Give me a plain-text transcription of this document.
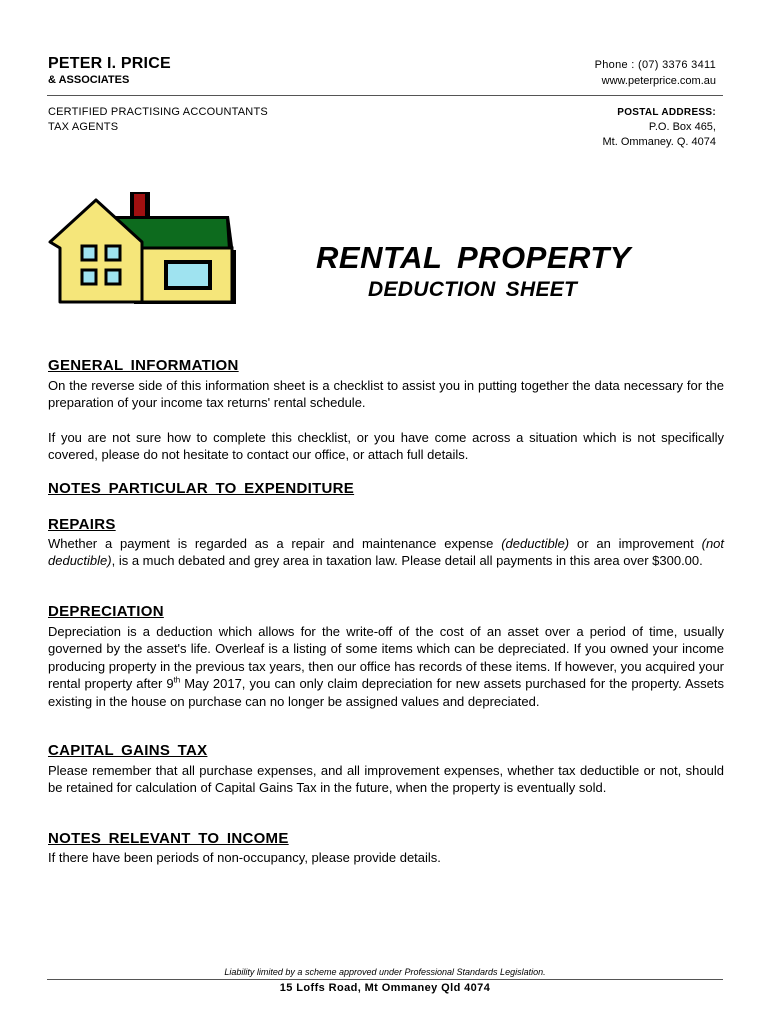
PETER I. PRICE
& ASSOCIATES
Phone : (07) 3376 3411
www.peterprice.com.au
CERTIFIED PRACTISING ACCOUNTANTS
TAX AGENTS
POSTAL ADDRESS:
P.O. Box 465,
Mt. Ommaney. Q. 4074
RENTAL PROPERTY
DEDUCTION SHEET
GENERAL INFORMATION
On the reverse side of this information sheet is a checklist to assist you in putting together the data necessary for the preparation of your income tax returns' rental schedule.
If you are not sure how to complete this checklist, or you have come across a situation which is not specifically covered, please do not hesitate to contact our office, or attach full details.
NOTES PARTICULAR TO EXPENDITURE
REPAIRS
Whether a payment is regarded as a repair and maintenance expense (deductible) or an improvement (not deductible), is a much debated and grey area in taxation law. Please detail all payments in this area over $300.00.
DEPRECIATION
Depreciation is a deduction which allows for the write-off of the cost of an asset over a period of time, usually governed by the asset's life. Overleaf is a listing of some items which can be depreciated. If you owned your income producing property in the previous tax years, then our office has records of these items. If however, you acquired your rental property after 9th May 2017, you can only claim depreciation for new assets purchased for the property. Assets existing in the house on purchase can no longer be assigned values and depreciated.
CAPITAL GAINS TAX
Please remember that all purchase expenses, and all improvement expenses, whether tax deductible or not, should be retained for calculation of Capital Gains Tax in the future, when the property is eventually sold.
NOTES RELEVANT TO INCOME
If there have been periods of non-occupancy, please provide details.
Liability limited by a scheme approved under Professional Standards Legislation.
15 Loffs Road, Mt Ommaney Qld 4074
